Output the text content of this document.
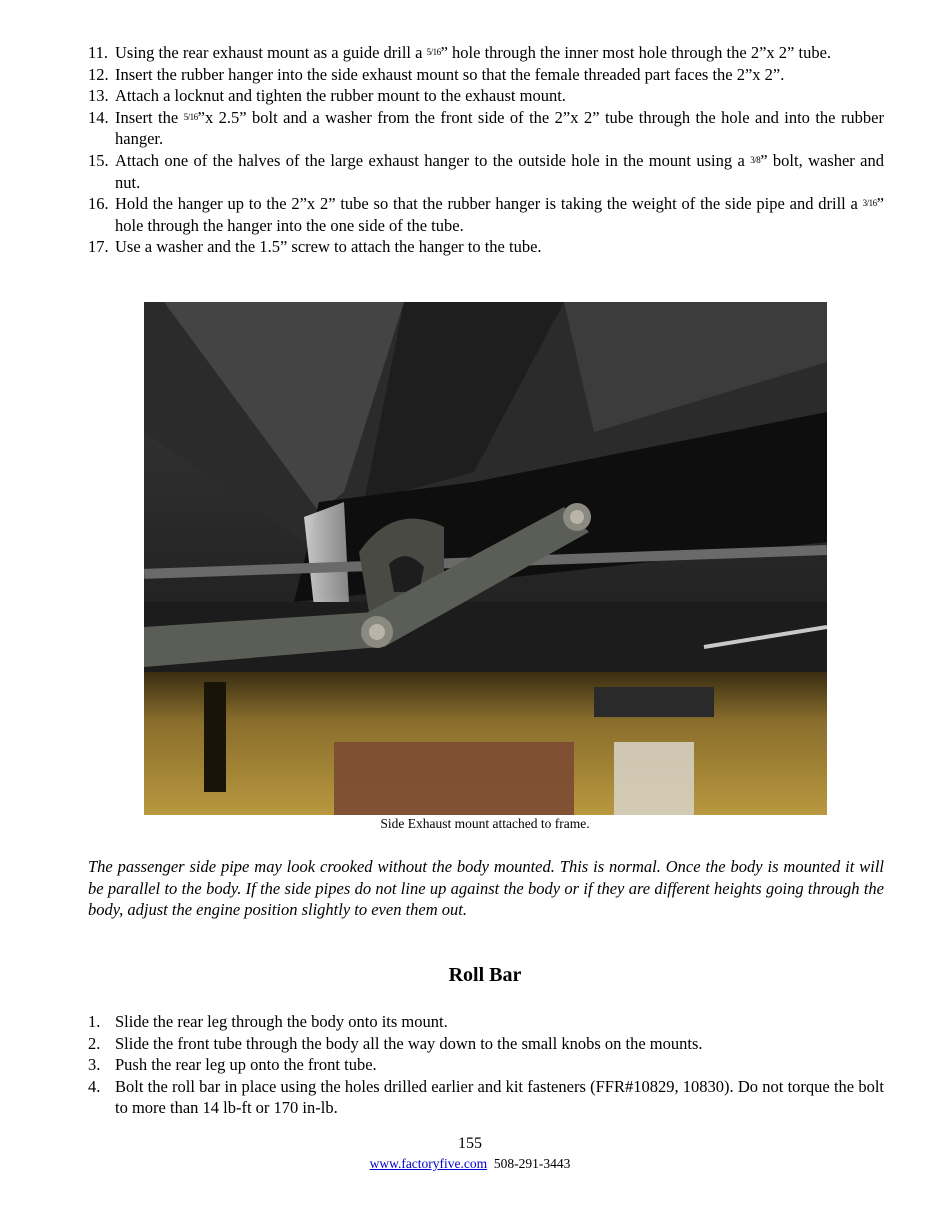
11. Using the rear exhaust mount as a guide drill a 5/16” hole through the inner most hole through the 2”x 2” tube.
12. Insert the rubber hanger into the side exhaust mount so that the female threaded part faces the 2”x 2”.
13. Attach a locknut and tighten the rubber mount to the exhaust mount.
14. Insert the 5/16”x 2.5” bolt and a washer from the front side of the 2”x 2” tube through the hole and into the rubber hanger.
15. Attach one of the halves of the large exhaust hanger to the outside hole in the mount using a 3/8” bolt, washer and nut.
16. Hold the hanger up to the 2”x 2” tube so that the rubber hanger is taking the weight of the side pipe and drill a 3/16” hole through the hanger into the one side of the tube.
17. Use a washer and the 1.5” screw to attach the hanger to the tube.
Side Exhaust mount attached to frame.
The passenger side pipe may look crooked without the body mounted. This is normal. Once the body is mounted it will be parallel to the body. If the side pipes do not line up against the body or if they are different heights going through the body, adjust the engine position slightly to even them out.
Roll Bar
1. Slide the rear leg through the body onto its mount.
2. Slide the front tube through the body all the way down to the small knobs on the mounts.
3. Push the rear leg up onto the front tube.
4. Bolt the roll bar in place using the holes drilled earlier and kit fasteners (FFR#10829, 10830). Do not torque the bolt to more than 14 lb-ft or 170 in-lb.
155
www.factoryfive.com 508-291-3443
